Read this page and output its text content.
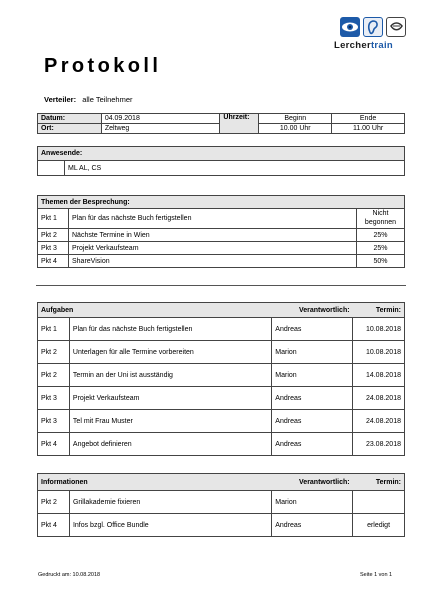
Lerchertrain
Protokoll
Verteiler: alle Teilnehmer
Datum:	04.09.2018	Uhrzeit:	Beginn	Ende
Ort:	Zeltweg		10.00 Uhr	11.00 Uhr
Anwesende:
	ML AL, CS
Themen der Besprechung:		
Pkt 1	Plan für das nächste Buch fertigstellen	Nicht
begonnen

Pkt 2	Nächste Termine in Wien	25%
Pkt 3	Projekt Verkaufsteam	25%
Pkt 4	ShareVision	50%
Aufgaben		Verantwortlich:	Termin:
Pkt 1	Plan für das nächste Buch fertigstellen	Andreas	10.08.2018
Pkt 2	Unterlagen für alle Termine vorbereiten	Marion	10.08.2018
Pkt 2	Termin an der Uni ist ausständig	Marion	14.08.2018
Pkt 3	Projekt Verkaufsteam	Andreas	24.08.2018
Pkt 3	Tel mit Frau Muster	Andreas	24.08.2018
Pkt 4	Angebot definieren	Andreas	23.08.2018
Informationen		Verantwortlich:	Termin:
Pkt 2	Grillakademie fixieren	Marion	
Pkt 4	Infos bzgl. Office Bundle	Andreas	erledigt
Gedruckt am: 10.08.2018	Seite 1 von 1
